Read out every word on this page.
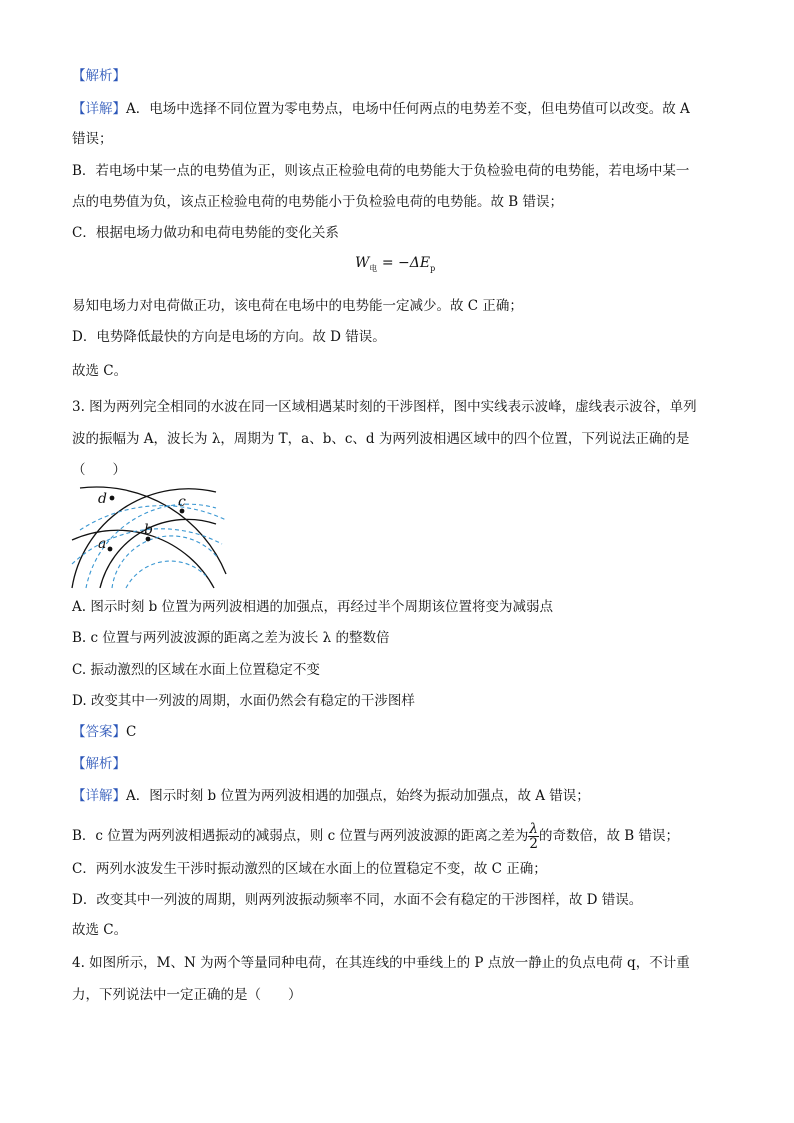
【解析】
【详解】A．电场中选择不同位置为零电势点，电场中任何两点的电势差不变，但电势值可以改变。故 A
错误；
B．若电场中某一点的电势值为正，则该点正检验电荷的电势能大于负检验电荷的电势能，若电场中某一
点的电势值为负，该点正检验电荷的电势能小于负检验电荷的电势能。故 B 错误；
C．根据电场力做功和电荷电势能的变化关系
$W_电 = -\Delta E_p$
易知电场力对电荷做正功，该电荷在电场中的电势能一定减少。故 C 正确；
D．电势降低最快的方向是电场的方向。故 D 错误。
故选 C。
3. 图为两列完全相同的水波在同一区域相遇某时刻的干涉图样，图中实线表示波峰，虚线表示波谷，单列
波的振幅为 A，波长为 λ，周期为 T，a、b、c、d 为两列波相遇区域中的四个位置，下列说法正确的是
（　　）
d	c
b
a
A. 图示时刻 b 位置为两列波相遇的加强点，再经过半个周期该位置将变为减弱点
B. c 位置与两列波波源的距离之差为波长 λ 的整数倍
C. 振动激烈的区域在水面上位置稳定不变
D. 改变其中一列波的周期，水面仍然会有稳定的干涉图样
【答案】C
【解析】
【详解】A．图示时刻 b 位置为两列波相遇的加强点，始终为振动加强点，故 A 错误；
B．c 位置为两列波相遇振动的减弱点，则 c 位置与两列波波源的距离之差为 $\frac{\lambda}{2}$ 的奇数倍，故 B 错误；
C．两列水波发生干涉时振动激烈的区域在水面上的位置稳定不变，故 C 正确；
D．改变其中一列波的周期，则两列波振动频率不同，水面不会有稳定的干涉图样，故 D 错误。
故选 C。
4. 如图所示，M、N 为两个等量同种电荷，在其连线的中垂线上的 P 点放一静止的负点电荷 q，不计重
力，下列说法中一定正确的是（　　）
